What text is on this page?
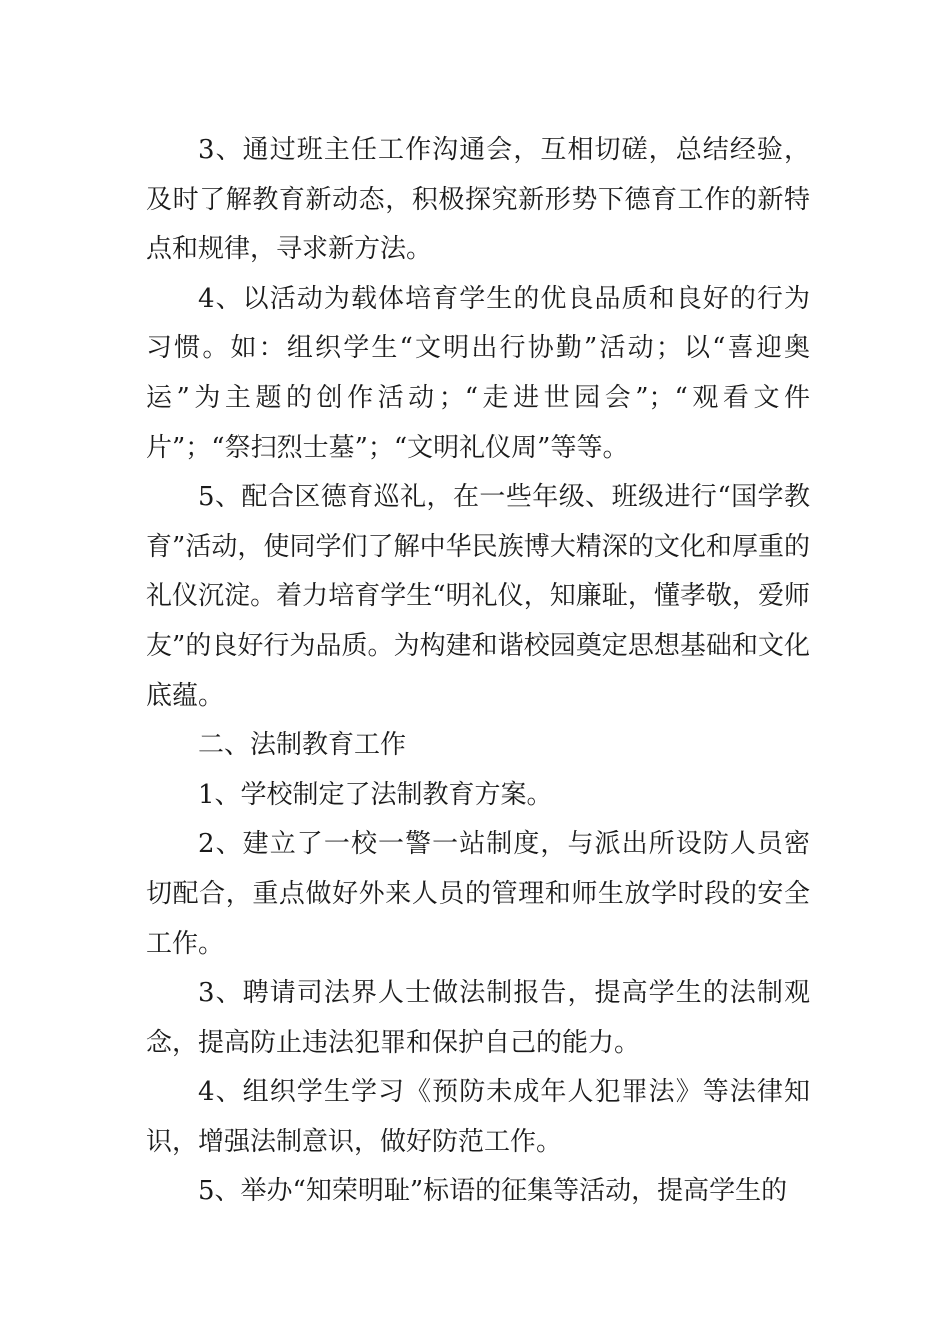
3、通过班主任工作沟通会，互相切磋，总结经验，及时了解教育新动态，积极探究新形势下德育工作的新特点和规律，寻求新方法。

4、以活动为载体培育学生的优良品质和良好的行为习惯。如：组织学生“文明出行协勤”活动；以“喜迎奥运”为主题的创作活动；“走进世园会”；“观看文件片”；“祭扫烈士墓”；“文明礼仪周”等等。

5、配合区德育巡礼，在一些年级、班级进行“国学教育”活动，使同学们了解中华民族博大精深的文化和厚重的礼仪沉淀。着力培育学生“明礼仪，知廉耻，懂孝敬，爱师友”的良好行为品质。为构建和谐校园奠定思想基础和文化底蕴。

二、法制教育工作

1、学校制定了法制教育方案。

2、建立了一校一警一站制度，与派出所设防人员密切配合，重点做好外来人员的管理和师生放学时段的安全工作。

3、聘请司法界人士做法制报告，提高学生的法制观念，提高防止违法犯罪和保护自己的能力。

4、组织学生学习《预防未成年人犯罪法》等法律知识，增强法制意识，做好防范工作。

5、举办“知荣明耻”标语的征集等活动，提高学生的
